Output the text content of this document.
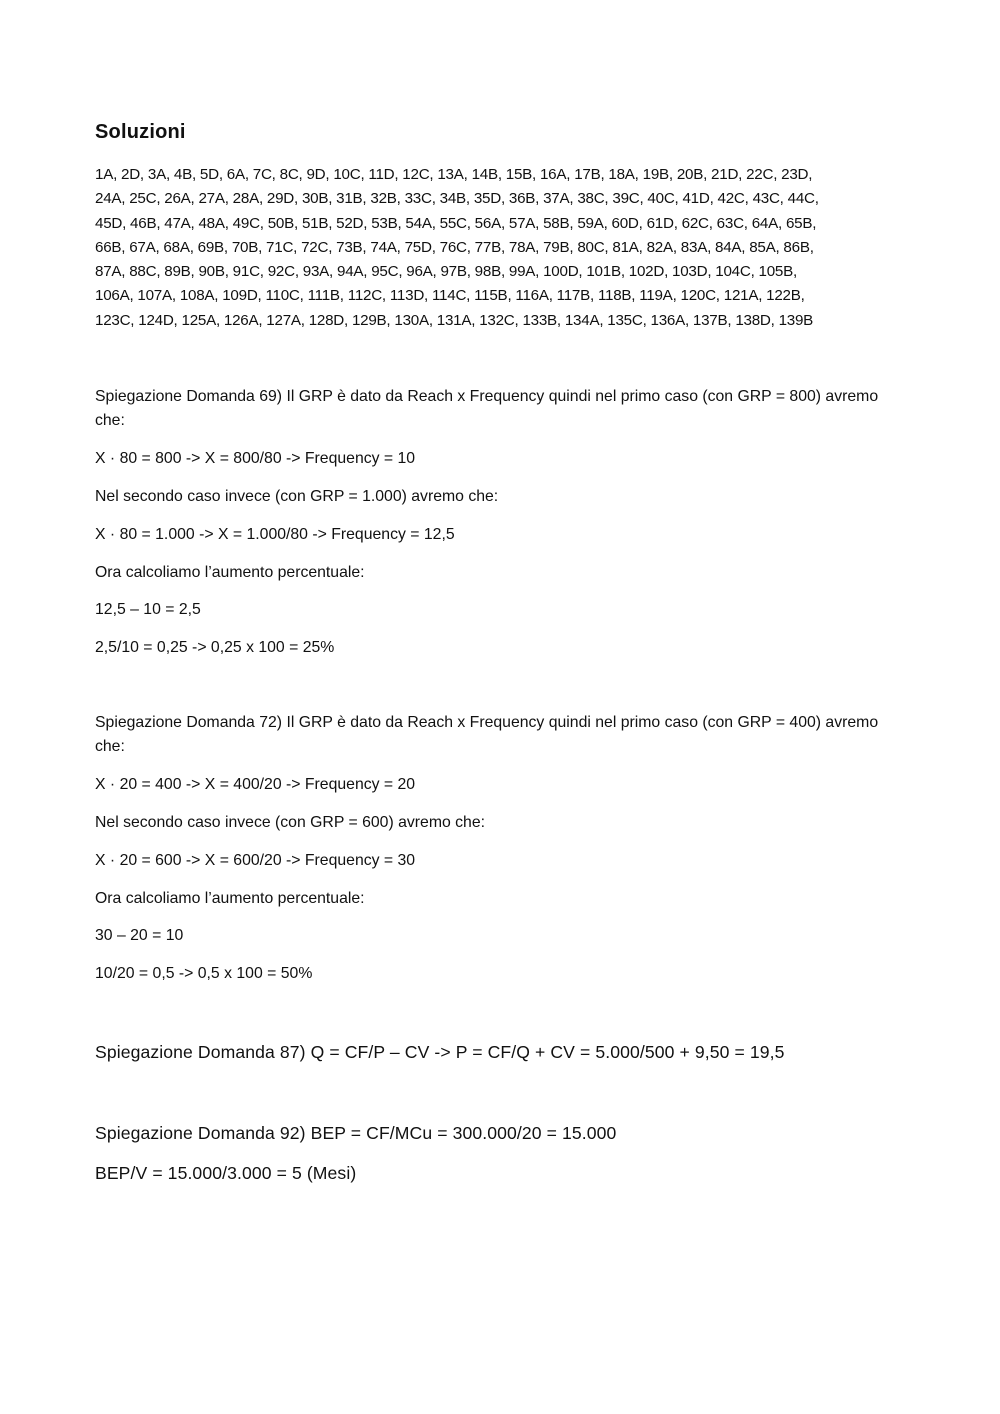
Soluzioni
1A, 2D, 3A, 4B, 5D, 6A, 7C, 8C, 9D, 10C, 11D, 12C, 13A, 14B, 15B, 16A, 17B, 18A, 19B, 20B, 21D, 22C, 23D,
24A, 25C, 26A, 27A, 28A, 29D, 30B, 31B, 32B, 33C, 34B, 35D, 36B, 37A, 38C, 39C, 40C, 41D, 42C, 43C, 44C,
45D, 46B, 47A, 48A, 49C, 50B, 51B, 52D, 53B, 54A, 55C, 56A, 57A, 58B, 59A, 60D, 61D, 62C, 63C, 64A, 65B,
66B, 67A, 68A, 69B, 70B, 71C, 72C, 73B, 74A, 75D, 76C, 77B, 78A, 79B, 80C, 81A, 82A, 83A, 84A, 85A, 86B,
87A, 88C, 89B, 90B, 91C, 92C, 93A, 94A, 95C, 96A, 97B, 98B, 99A, 100D, 101B, 102D, 103D, 104C, 105B,
106A, 107A, 108A, 109D, 110C, 111B, 112C, 113D, 114C, 115B, 116A, 117B, 118B, 119A, 120C, 121A, 122B,
123C, 124D, 125A, 126A, 127A, 128D, 129B, 130A, 131A, 132C, 133B, 134A, 135C, 136A, 137B, 138D, 139B

Spiegazione Domanda 69) Il GRP è dato da Reach x Frequency quindi nel primo caso (con GRP = 800) avremo che:

X · 80 = 800 -> X = 800/80 -> Frequency = 10

Nel secondo caso invece (con GRP = 1.000) avremo che:

X · 80 = 1.000 -> X = 1.000/80 -> Frequency = 12,5

Ora calcoliamo l’aumento percentuale:

12,5 – 10 = 2,5

2,5/10 = 0,25 -> 0,25 x 100 = 25%

Spiegazione Domanda 72) Il GRP è dato da Reach x Frequency quindi nel primo caso (con GRP = 400) avremo che:

X · 20 = 400 -> X = 400/20 -> Frequency = 20

Nel secondo caso invece (con GRP = 600) avremo che:

X · 20 = 600 -> X = 600/20 -> Frequency = 30

Ora calcoliamo l’aumento percentuale:

30 – 20 = 10

10/20 = 0,5 -> 0,5 x 100 = 50%

Spiegazione Domanda 87) Q = CF/P – CV -> P = CF/Q + CV = 5.000/500 + 9,50 = 19,5

Spiegazione Domanda 92) BEP = CF/MCu = 300.000/20 = 15.000

BEP/V = 15.000/3.000 = 5 (Mesi)
